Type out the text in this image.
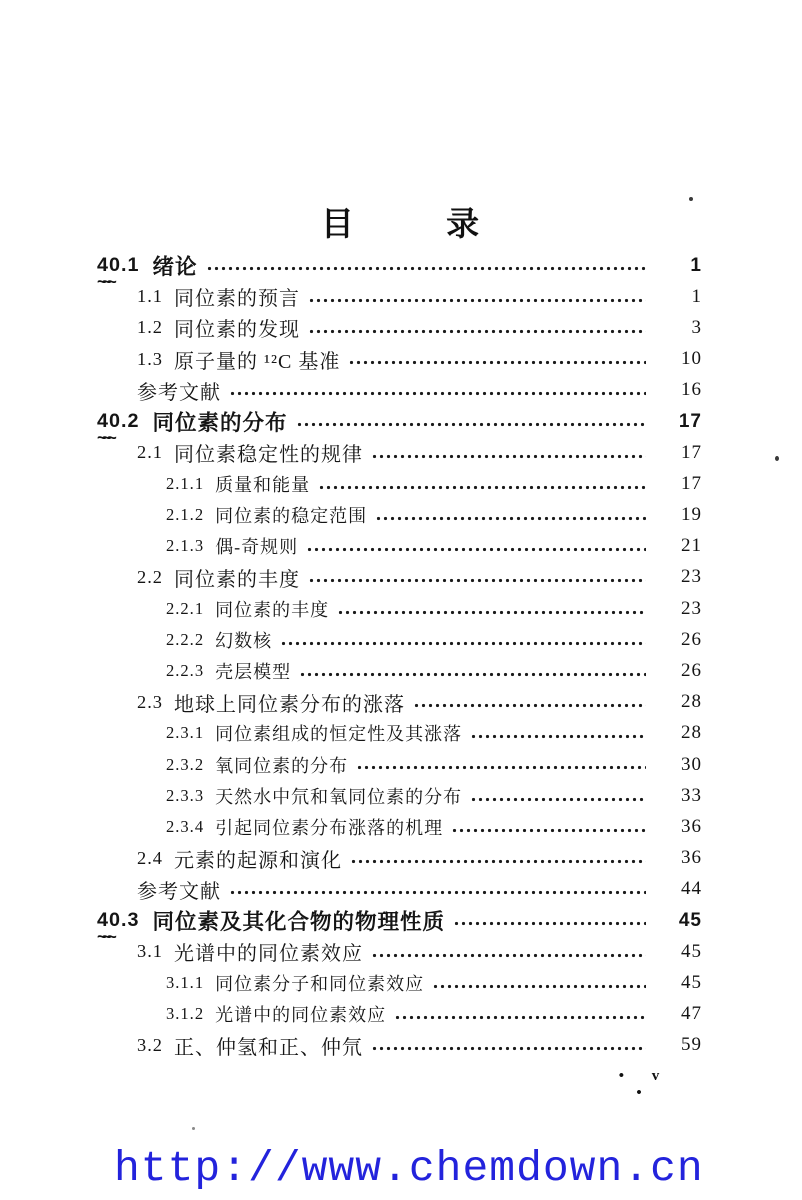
目 录
40.1 ~~~ 绪论	1
1.1 同位素的预言	1
1.2 同位素的发现	3
1.3 原子量的 ¹²C 基准	10
参考文献	16
40.2 ~~~ 同位素的分布	17
2.1 同位素稳定性的规律	17
2.1.1 质量和能量	17
2.1.2 同位素的稳定范围	19
2.1.3 偶-奇规则	21
2.2 同位素的丰度	23
2.2.1 同位素的丰度	23
2.2.2 幻数核	26
2.2.3 壳层模型	26
2.3 地球上同位素分布的涨落	28
2.3.1 同位素组成的恒定性及其涨落	28
2.3.2 氧同位素的分布	30
2.3.3 天然水中氘和氧同位素的分布	33
2.3.4 引起同位素分布涨落的机理	36
2.4 元素的起源和演化	36
参考文献	44
40.3 ~~~ 同位素及其化合物的物理性质	45
3.1 光谱中的同位素效应	45
3.1.1 同位素分子和同位素效应	45
3.1.2 光谱中的同位素效应	47
3.2 正、仲氢和正、仲氘	59
• v •
http://www.chemdown.cn
